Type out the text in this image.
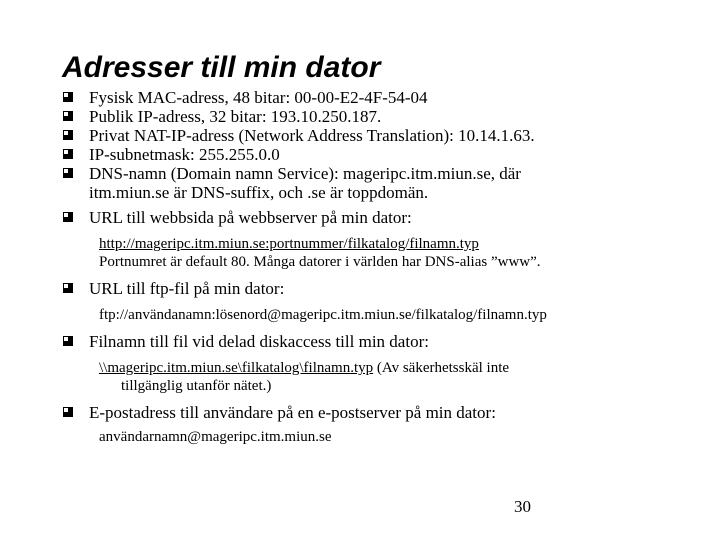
Adresser till min dator
Fysisk MAC-adress, 48 bitar: 00-00-E2-4F-54-04
Publik IP-adress, 32 bitar: 193.10.250.187.
Privat NAT-IP-adress (Network Address Translation): 10.14.1.63.
IP-subnetmask: 255.255.0.0
DNS-namn (Domain namn Service): mageripc.itm.miun.se, där
itm.miun.se är DNS-suffix, och .se är toppdomän.
URL till webbsida på webbserver på min dator:
http://mageripc.itm.miun.se:portnummer/filkatalog/filnamn.typ
Portnumret är default 80. Många datorer i världen har DNS-alias ”www”.
URL till ftp-fil på min dator:
ftp://användanamn:lösenord@mageripc.itm.miun.se/filkatalog/filnamn.typ
Filnamn till fil vid delad diskaccess till min dator:
\\mageripc.itm.miun.se\filkatalog\filnamn.typ (Av säkerhetsskäl inte
tillgänglig utanför nätet.)
E-postadress till användare på en e-postserver på min dator:
användarnamn@mageripc.itm.miun.se
30
